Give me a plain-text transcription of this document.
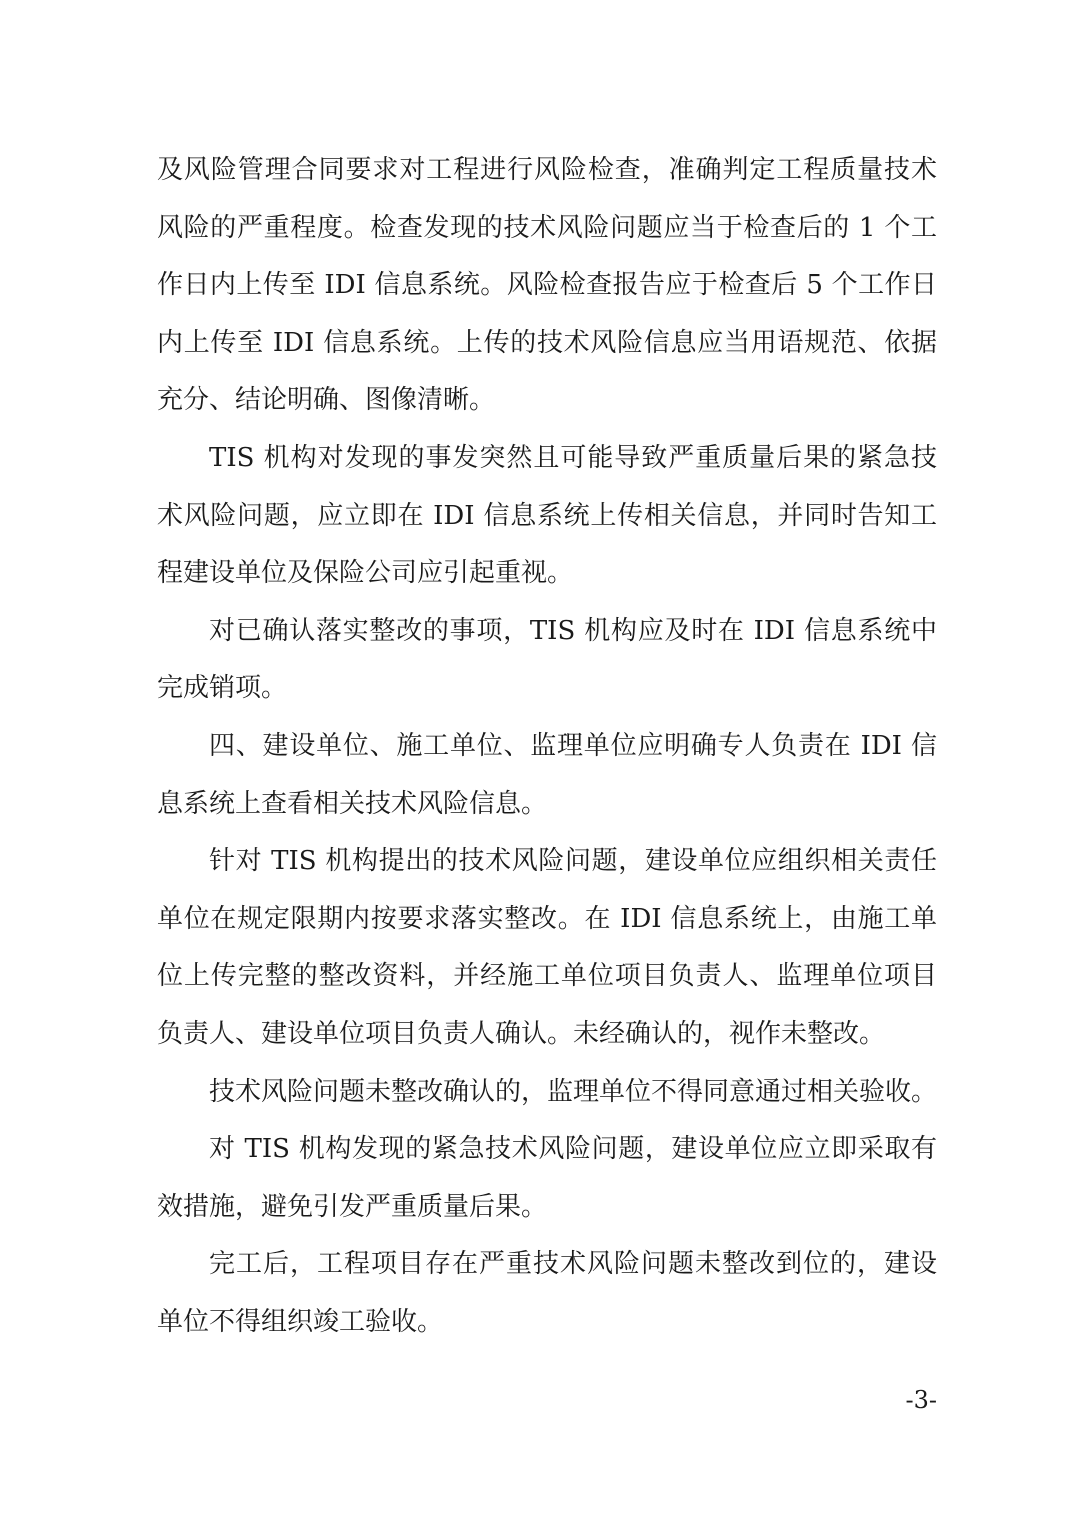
及风险管理合同要求对工程进行风险检查，准确判定工程质量技术
风险的严重程度。检查发现的技术风险问题应当于检查后的 1 个工
作日内上传至 IDI 信息系统。风险检查报告应于检查后 5 个工作日
内上传至 IDI 信息系统。上传的技术风险信息应当用语规范、依据
充分、结论明确、图像清晰。
TIS 机构对发现的事发突然且可能导致严重质量后果的紧急技
术风险问题，应立即在 IDI 信息系统上传相关信息，并同时告知工
程建设单位及保险公司应引起重视。
对已确认落实整改的事项，TIS 机构应及时在 IDI 信息系统中
完成销项。
四、建设单位、施工单位、监理单位应明确专人负责在 IDI 信
息系统上查看相关技术风险信息。
针对 TIS 机构提出的技术风险问题，建设单位应组织相关责任
单位在规定限期内按要求落实整改。在 IDI 信息系统上，由施工单
位上传完整的整改资料，并经施工单位项目负责人、监理单位项目
负责人、建设单位项目负责人确认。未经确认的，视作未整改。
技术风险问题未整改确认的，监理单位不得同意通过相关验收。
对 TIS 机构发现的紧急技术风险问题，建设单位应立即采取有
效措施，避免引发严重质量后果。
完工后，工程项目存在严重技术风险问题未整改到位的，建设
单位不得组织竣工验收。
-3-
